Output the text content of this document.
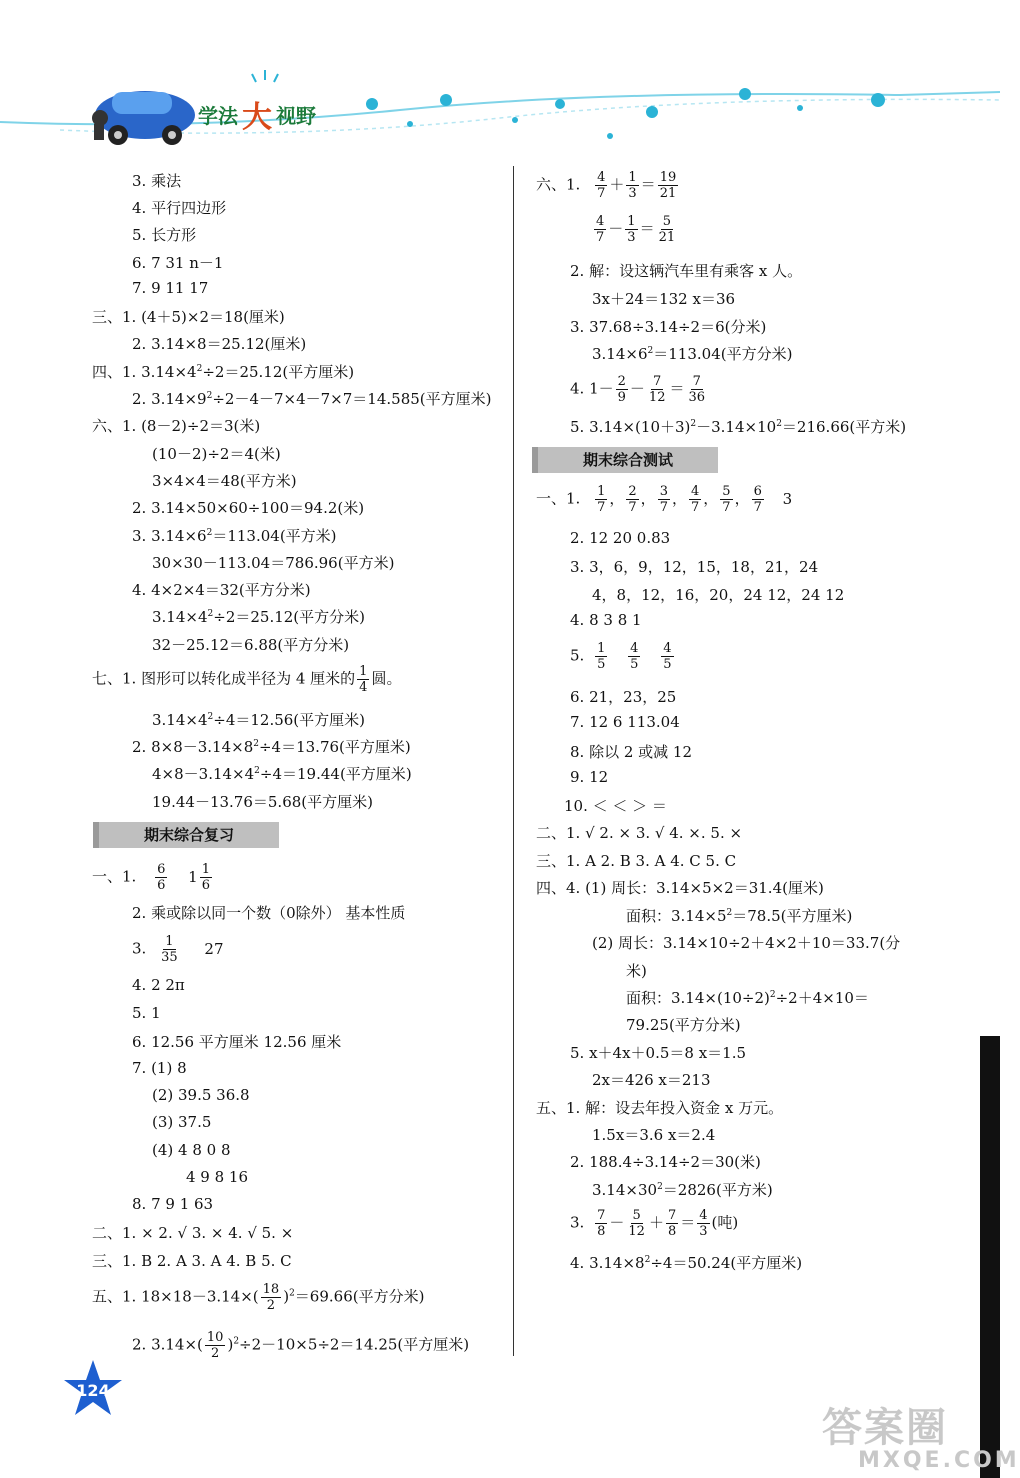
学法 大 视野
3. 乘法
4. 平行四边形
5. 长方形
6. 7 31 n－1
7. 9 11 17
三、1. (4＋5)×2＝18(厘米)
2. 3.14×8＝25.12(厘米)
四、1. $3.14\times 4^2\div 2=25.12$(平方厘米)
2. $3.14\times 9^2\div 2-4-7\times 4-7\times 7=14.585$(平方厘米)
六、1. (8－2)÷2＝3(米)
(10－2)÷2＝4(米)
3×4×4＝48(平方米)
2. 3.14×50×60÷100＝94.2(米)
3. $3.14\times 6^2=113.04$(平方米)
30×30－113.04＝786.96(平方米)
4. 4×2×4＝32(平方分米)
$3.14\times 4^2\div 2=25.12$(平方分米)
32－25.12＝6.88(平方分米)
七、1. 图形可以转化成半径为 4 厘米的 $\frac{1}{4}$ 圆。
$3.14\times 4^2\div 4=12.56$(平方厘米)
2. $8\times 8-3.14\times 8^2\div 4=13.76$(平方厘米)
$4\times 8-3.14\times 4^2\div 4=19.44$(平方厘米)
19.44－13.76＝5.68(平方厘米)
期末综合复习
一、1. $\frac{6}{6} 1 \frac{1}{6}$
2. 乘或除以同一个数（0除外） 基本性质
3. $\frac{1}{35} 27$
4. 2 2π
5. 1
6. 12.56 平方厘米 12.56 厘米
7. (1) 8
(2) 39.5 36.8
(3) 37.5
(4) 4 8 0 8
4 9 8 16
8. 7 9 1 63
二、1. × 2. √ 3. × 4. √ 5. ×
三、1. B 2. A 3. A 4. B 5. C
五、1. $18\times 18-3.14\times( \frac{18}{2} )^2=69.66$(平方分米)
2. $3.14\times( \frac{10}{2} )^2\div 2-10\times 5\div 2=14.25$(平方厘米)
六、1. $\frac{4}{7} + \frac{1}{3} = \frac{19}{21}$
$\frac{4}{7} - \frac{1}{3} = \frac{5}{21}$
2. 解：设这辆汽车里有乘客 x 人。
3x＋24＝132 x＝36
3. 37.68÷3.14÷2＝6(分米)
$3.14\times 6^2=113.04$(平方分米)
4. $1- \frac{2}{9} - \frac{7}{12} = \frac{7}{36}$
5. $3.14\times(10+3)^2-3.14\times 10^2=216.66$(平方米)
期末综合测试
一、1. $\frac{1}{7}$ ， $\frac{2}{7}$ ， $\frac{3}{7}$ ， $\frac{4}{7}$ ， $\frac{5}{7}$ ， $\frac{6}{7} 3$
2. 12 20 0.83
3. 3，6，9，12，15，18，21，24
4，8，12，16，20，24 12，24 12
4. 8 3 8 1
5. $\frac{1}{5}$
$\frac{4}{5}$
$\frac{4}{5}$
6. 21，23，25
7. 12 6 113.04
8. 除以 2 或减 12
9. 12
10. ＜ ＜ ＞ ＝
二、1. √ 2. × 3. √ 4. ×. 5. ×
三、1. A 2. B 3. A 4. C 5. C
四、4. (1) 周长：3.14×5×2＝31.4(厘米)
面积：$3.14\times 5^2=78.5$(平方厘米)
(2) 周长：3.14×10÷2＋4×2＋10＝33.7(分
米)
面积：$3.14\times(10\div 2)^2\div 2+4\times 10=$
79.25(平方分米)
5. x＋4x＋0.5＝8 x＝1.5
2x＝426 x＝213
五、1. 解：设去年投入资金 x 万元。
1.5x＝3.6 x＝2.4
2. 188.4÷3.14÷2＝30(米)
$3.14\times 30^2=2826$(平方米)
3. $\frac{7}{8} - \frac{5}{12} + \frac{7}{8} = \frac{4}{3}$ (吨)
4. $3.14\times 8^2\div 4=50.24$(平方厘米)
124
答案圈
MXQE.COM
